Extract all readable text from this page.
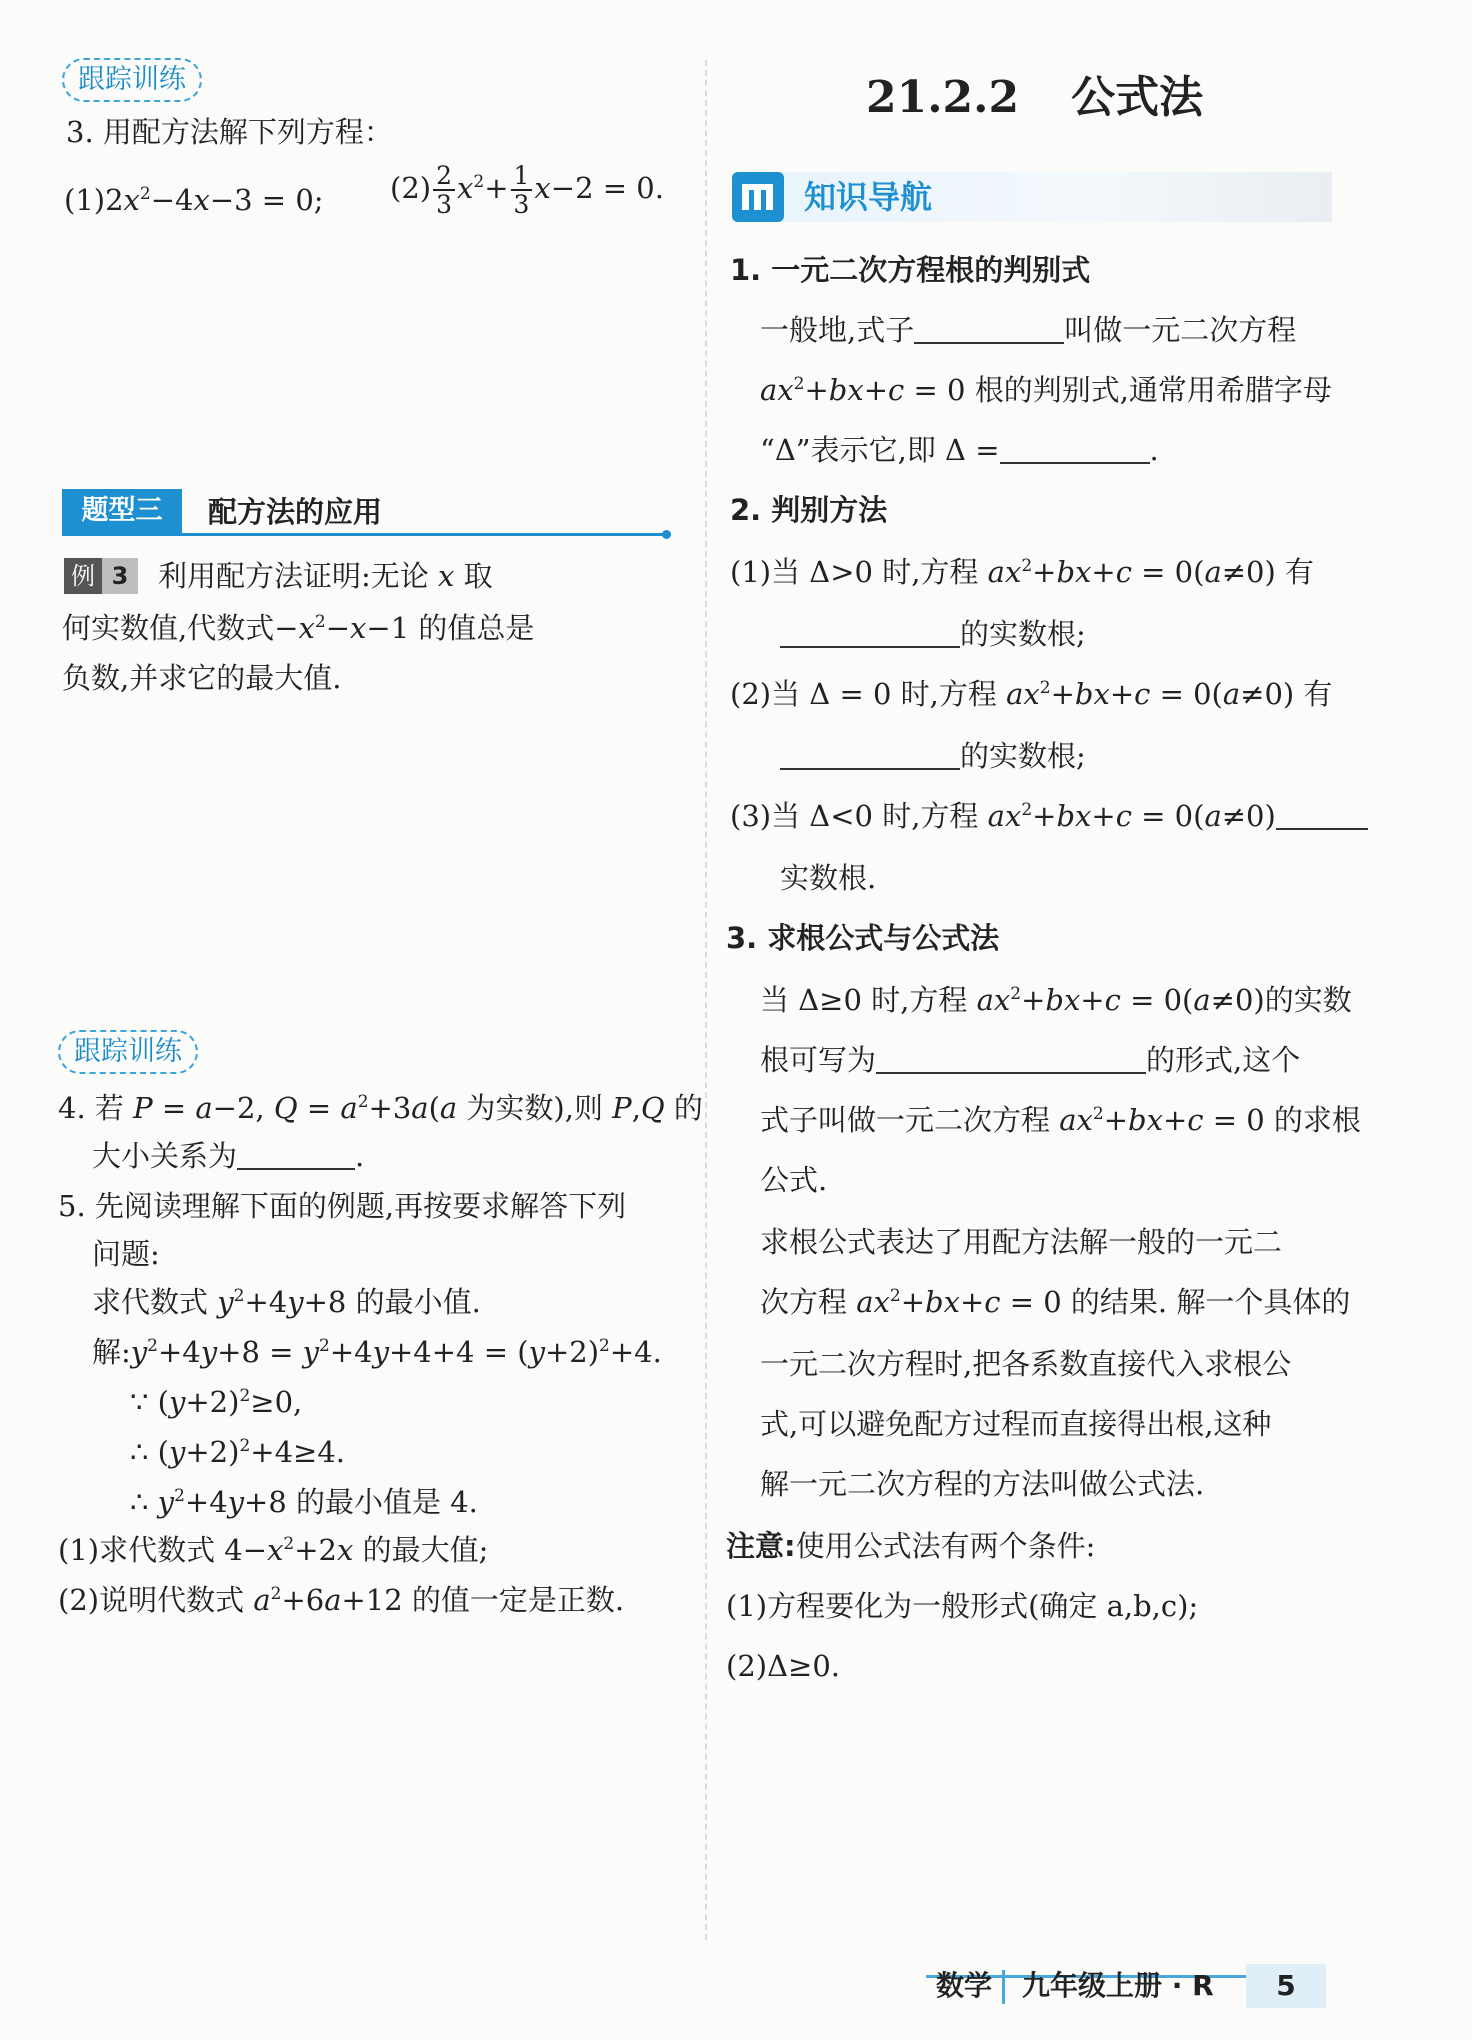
跟踪训练
3. 用配方法解下列方程：
$(1)2x^2-4x-3 = 0$; $(2) \frac{2}{3} x^2+ \frac{1}{3} x-2 = 0$.
题型三	配方法的应用
例 3	利用配方法证明:无论 x 取
何实数值,代数式$-x^2-x-1$ 的值总是
负数,并求它的最大值.
跟踪训练
4. 若 P = a−2, $Q = a^2+3a(a$ 为实数),则 P,Q 的
大小关系为	.
5. 先阅读理解下面的例题,再按要求解答下列
问题:
求代数式 $y^2+4y+8$ 的最小值.
解$:y^2+4y+8 = y^2+4y+4+4 = (y+2)^2+4$.
∵ $(y+2)^2\ge 0$,
∴ $(y+2)^2+4\ge 4$.
∴ $y^2+4y+8$ 的最小值是 4.
(1)求代数式 $4-x^2+2x$ 的最大值;
(2)说明代数式 $a^2+6a+12$ 的值一定是正数.
21.2.2 公式法
知识导航
1. 一元二次方程根的判别式
一般地,式子	叫做一元二次方程
$ax^2+bx+c = 0$ 根的判别式,通常用希腊字母
“Δ”表示它,即 Δ =	.
2. 判别方法
(1)当 Δ>0 时,方程 $ax^2+bx+c = 0(a\ne 0)$ 有
的实数根;
(2)当 Δ = 0 时,方程 $ax^2+bx+c = 0(a\ne 0)$ 有
的实数根;
(3)当 Δ<0 时,方程 $ax^2+bx+c = 0(a\ne 0)$
实数根.
3. 求根公式与公式法
当 Δ≥0 时,方程 $ax^2+bx+c = 0(a\ne 0)$的实数
根可写为	的形式,这个
式子叫做一元二次方程 $ax^2+bx+c = 0$ 的求根
公式.
求根公式表达了用配方法解一般的一元二
次方程 $ax^2+bx+c = 0$ 的结果. 解一个具体的
一元二次方程时,把各系数直接代入求根公
式,可以避免配方过程而直接得出根,这种
解一元二次方程的方法叫做公式法.
注意:使用公式法有两个条件:
(1)方程要化为一般形式(确定 a,b,c);
(2)Δ≥0.
数学 九年级上册 · R	5
